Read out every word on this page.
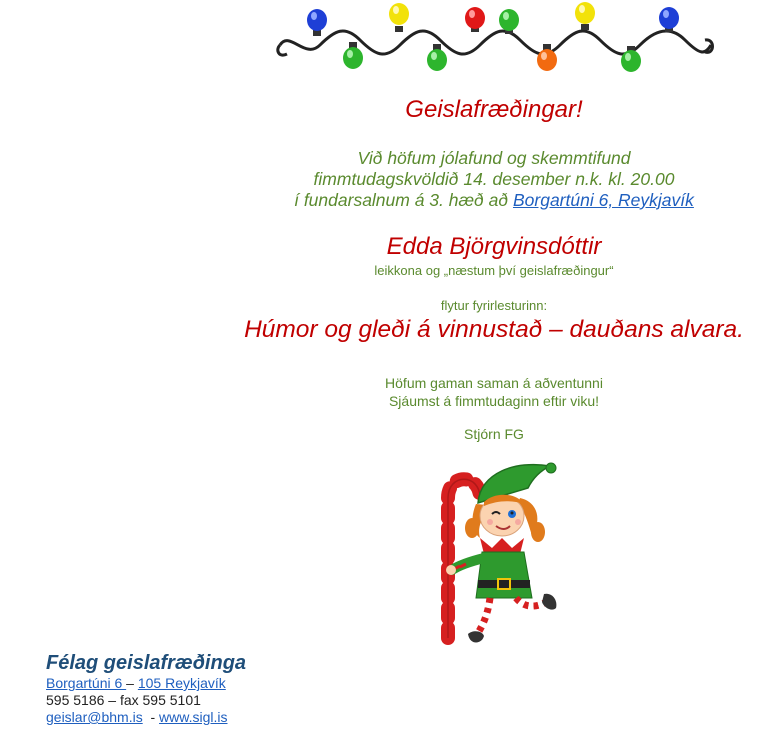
Geislafræðingar!
Við höfum jólafund og skemmtifund
fimmtudagskvöldið 14. desember n.k. kl. 20.00
í fundarsalnum á 3. hæð að Borgartúni 6, Reykjavík
Edda Björgvinsdóttir
leikkona og „næstum því geislafræðingur“
flytur fyrirlesturinn:
Húmor og gleði á vinnustað – dauðans alvara.
Höfum gaman saman á aðventunni
Sjáumst á fimmtudaginn eftir viku!
Stjórn FG
Félag geislafræðinga
Borgartúni 6 – 105 Reykjavík
595 5186 – fax 595 5101
geislar@bhm.is  - www.sigl.is
